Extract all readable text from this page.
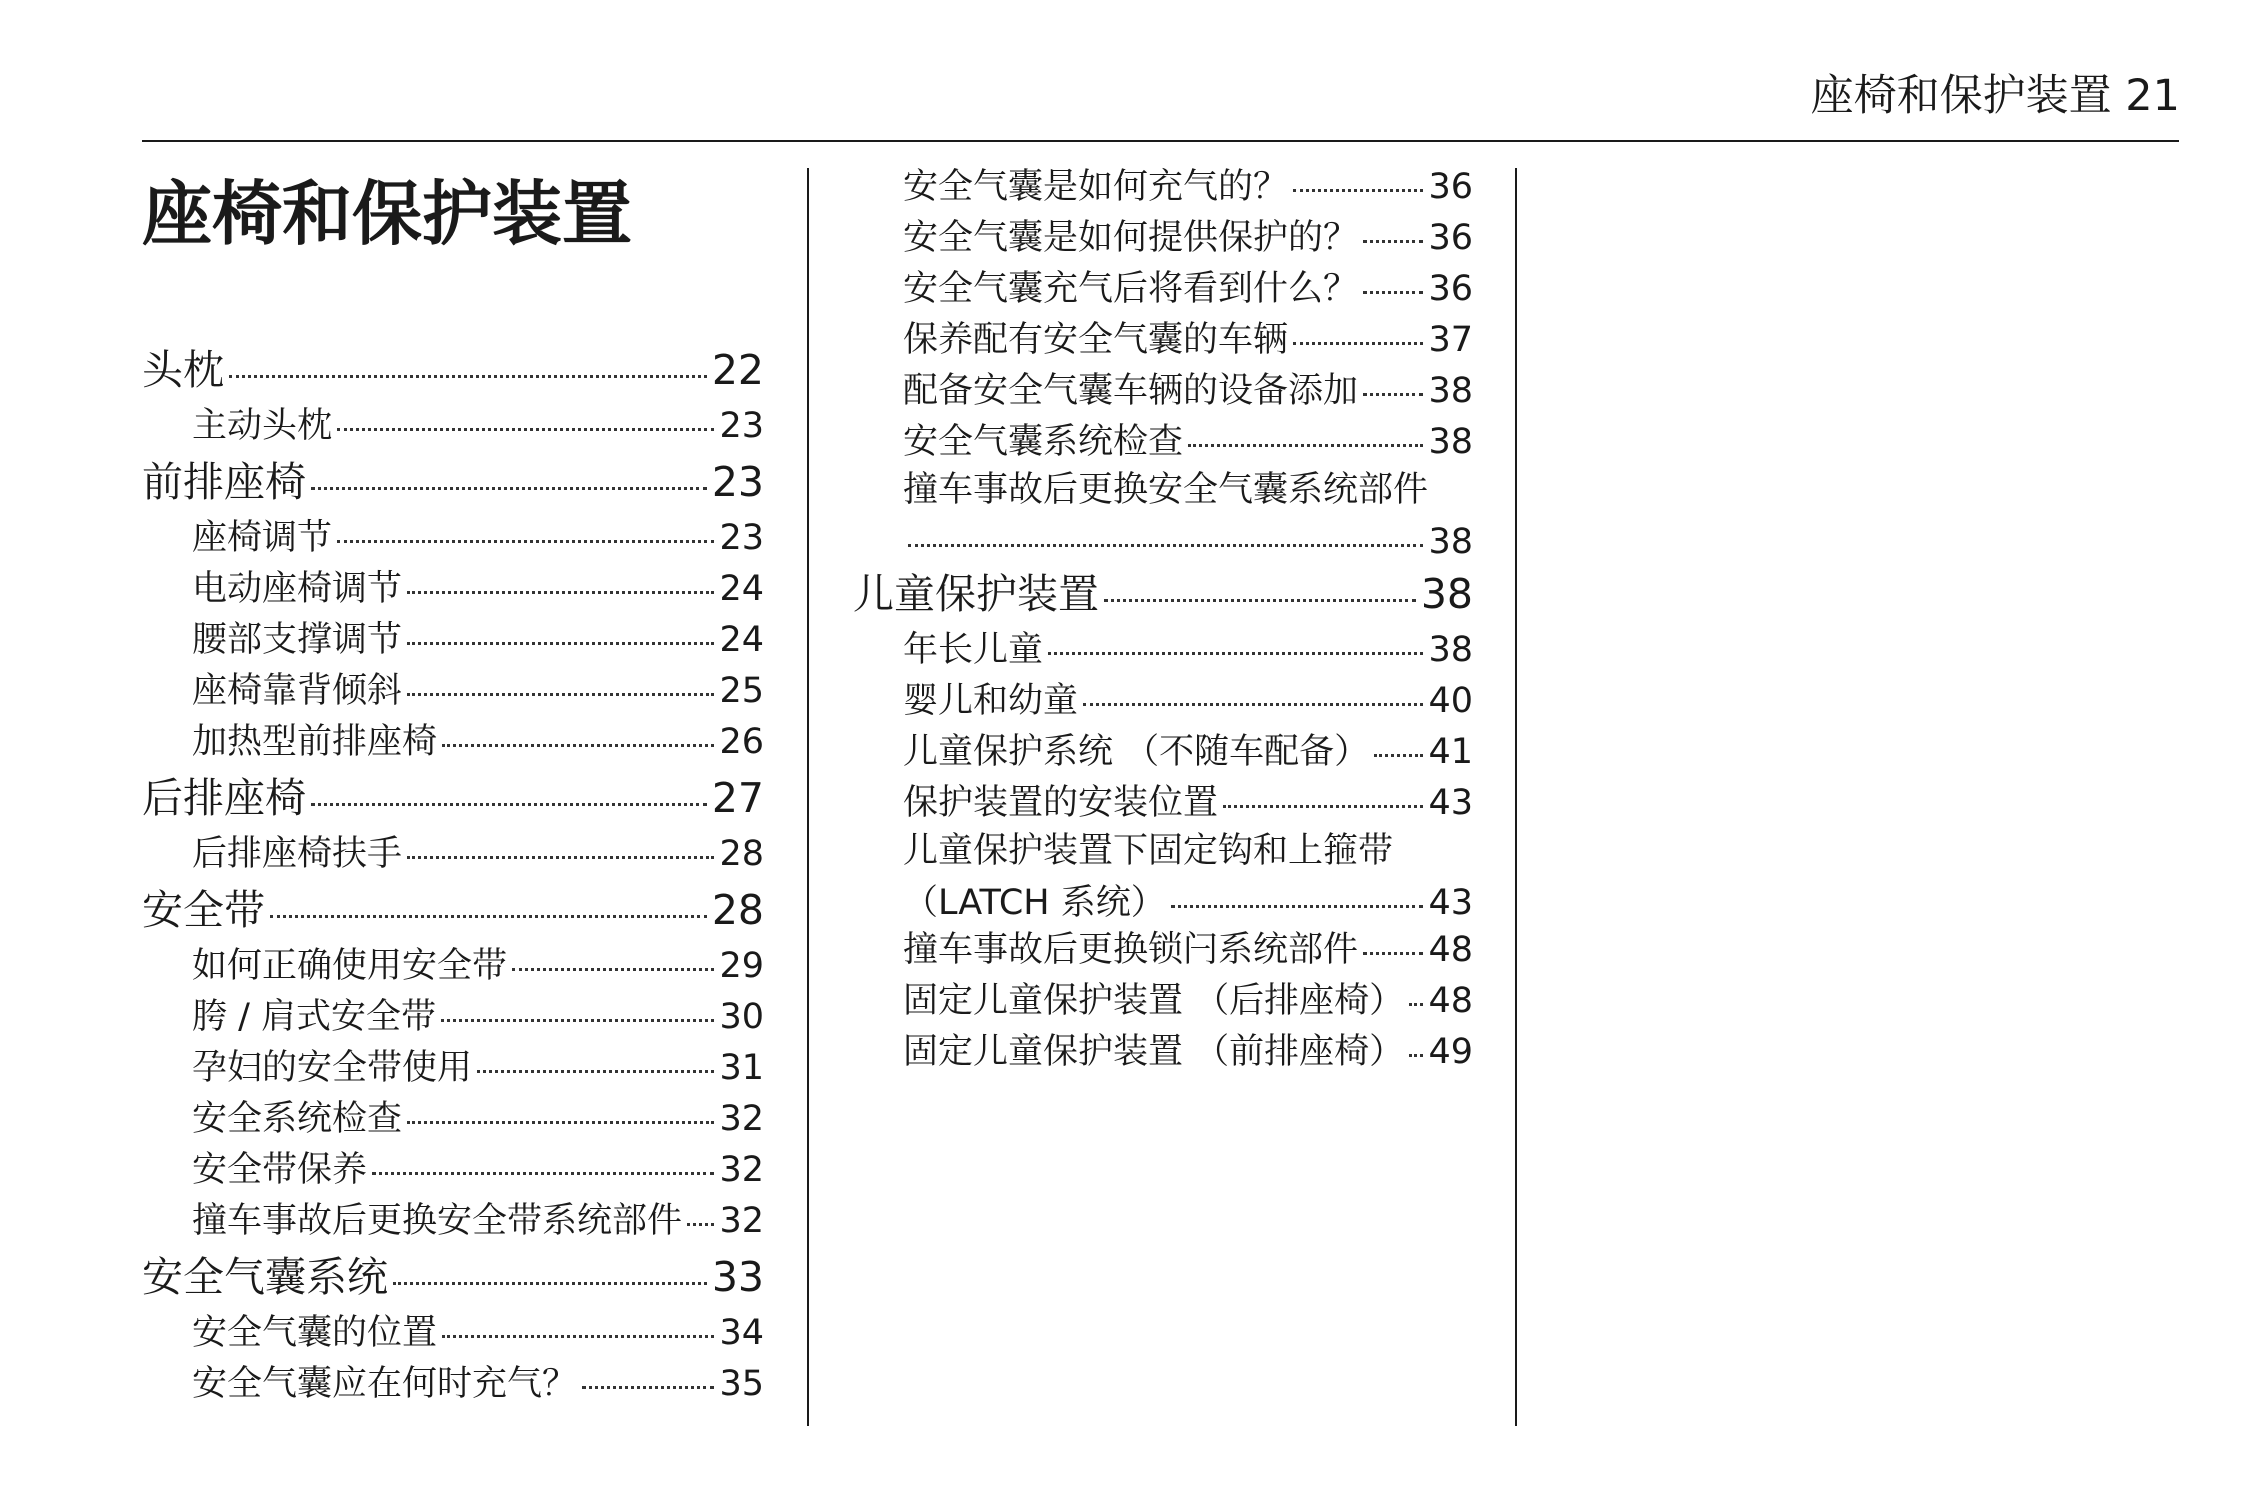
座椅和保护装置 21
座椅和保护装置
头枕	22
主动头枕	23
前排座椅	23
座椅调节	23
电动座椅调节	24
腰部支撑调节	24
座椅靠背倾斜	25
加热型前排座椅	26
后排座椅	27
后排座椅扶手	28
安全带	28
如何正确使用安全带	29
胯 / 肩式安全带	30
孕妇的安全带使用	31
安全系统检查	32
安全带保养	32
撞车事故后更换安全带系统部件 32
安全气囊系统	33
安全气囊的位置	34
安全气囊应在何时充气？	35
安全气囊是如何充气的？	36
安全气囊是如何提供保护的？ 36
安全气囊充气后将看到什么？ 36
保养配有安全气囊的车辆	37
配备安全气囊车辆的设备添加 38
安全气囊系统检查	38
撞车事故后更换安全气囊系统部件
38
儿童保护装置	38
年长儿童	38
婴儿和幼童	40
儿童保护系统 （不随车配备） 41
保护装置的安装位置	43
儿童保护装置下固定钩和上箍带
（LATCH 系统）	43
撞车事故后更换锁闩系统部件 48
固定儿童保护装置 （后排座椅） 48
固定儿童保护装置 （前排座椅） 49
